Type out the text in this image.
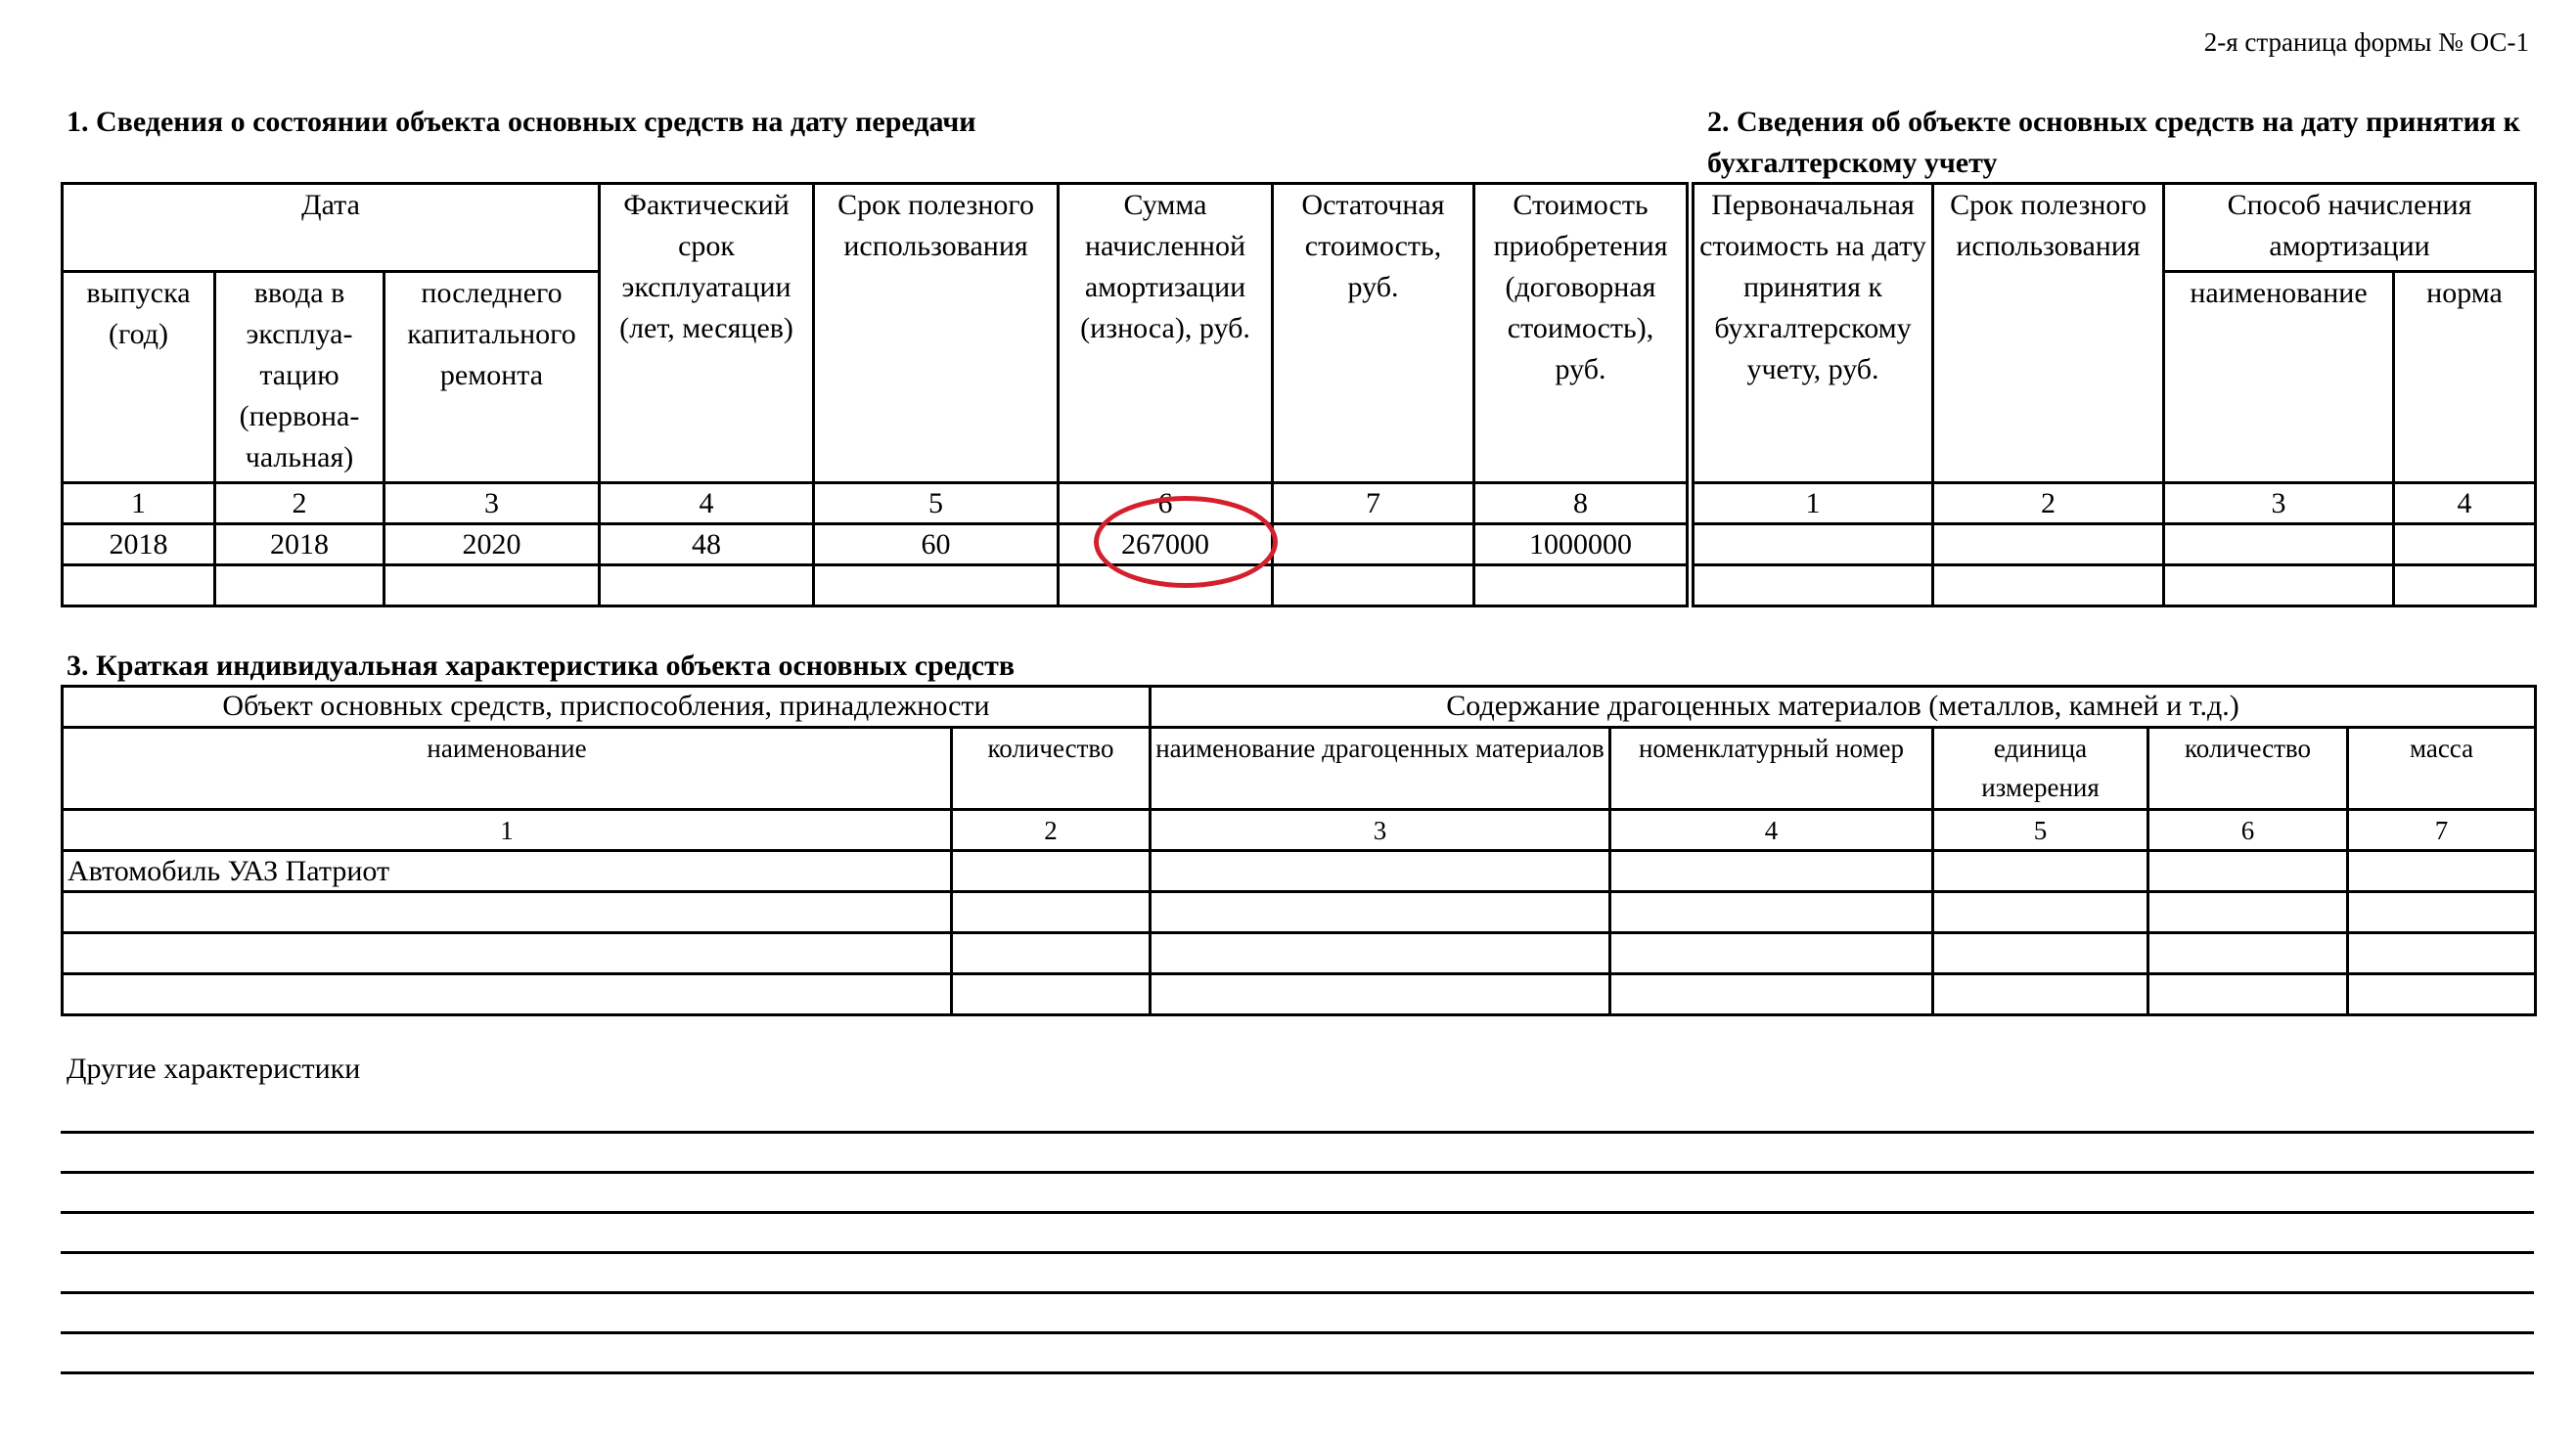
2-я страница формы № ОС-1
1. Сведения о состоянии объекта основных средств на дату передачи	2. Сведения об объекте основных средств на дату принятия к бухгалтерскому учету
Дата			Фактический срок эксплуатации (лет, месяцев)	Срок полезного использования	Сумма начисленной амортизации (износа), руб.	Остаточная стоимость, руб.	Стоимость приобретения (договорная стоимость), руб.	Первоначальная стоимость на дату принятия к бухгалтерскому учету, руб.	Срок полезного использования	Способ начисления амортизации	
выпуска (год)	ввода в эксплуа-тацию (первона-чальная)	последнего капитального ремонта								наименование	норма
1	2	3	4	5	6	7	8	1	2	3	4
2018	2018	2020	48	60	267000		1000000				

3. Краткая индивидуальная характеристика объекта основных средств
Объект основных средств, приспособления, принадлежности		Содержание драгоценных материалов (металлов, камней и т.д.)				
наименование	количество	наименование драгоценных материалов	номенклатурный номер	единица измерения	количество	масса
1	2	3	4	5	6	7
Автомобиль УАЗ Патриот						

Другие характеристики
